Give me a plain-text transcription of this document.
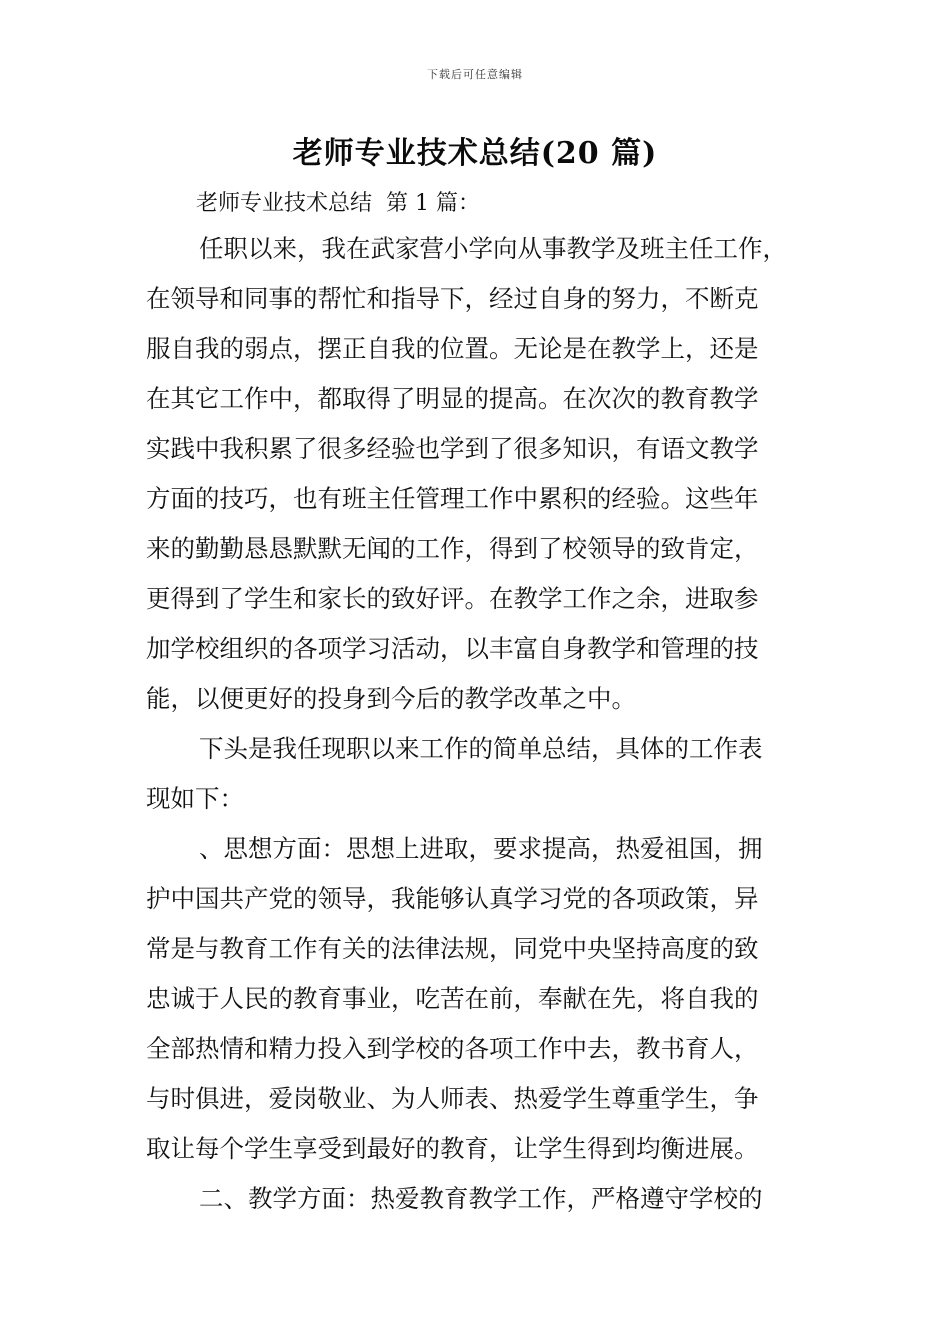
下载后可任意编辑
老师专业技术总结(20 篇)
老师专业技术总结  第 1 篇：
任职以来，我在武家营小学向从事教学及班主任工作，
在领导和同事的帮忙和指导下，经过自身的努力，不断克
服自我的弱点，摆正自我的位置。无论是在教学上，还是
在其它工作中，都取得了明显的提高。在次次的教育教学
实践中我积累了很多经验也学到了很多知识，有语文教学
方面的技巧，也有班主任管理工作中累积的经验。这些年
来的勤勤恳恳默默无闻的工作，得到了校领导的致肯定，
更得到了学生和家长的致好评。在教学工作之余，进取参
加学校组织的各项学习活动，以丰富自身教学和管理的技
能，以便更好的投身到今后的教学改革之中。
下头是我任现职以来工作的简单总结，具体的工作表
现如下：
、思想方面：思想上进取，要求提高，热爱祖国，拥
护中国共产党的领导，我能够认真学习党的各项政策，异
常是与教育工作有关的法律法规，同党中央坚持高度的致
忠诚于人民的教育事业，吃苦在前，奉献在先，将自我的
全部热情和精力投入到学校的各项工作中去，教书育人，
与时俱进，爱岗敬业、为人师表、热爱学生尊重学生，争
取让每个学生享受到最好的教育，让学生得到均衡进展。
二、教学方面：热爱教育教学工作，严格遵守学校的
